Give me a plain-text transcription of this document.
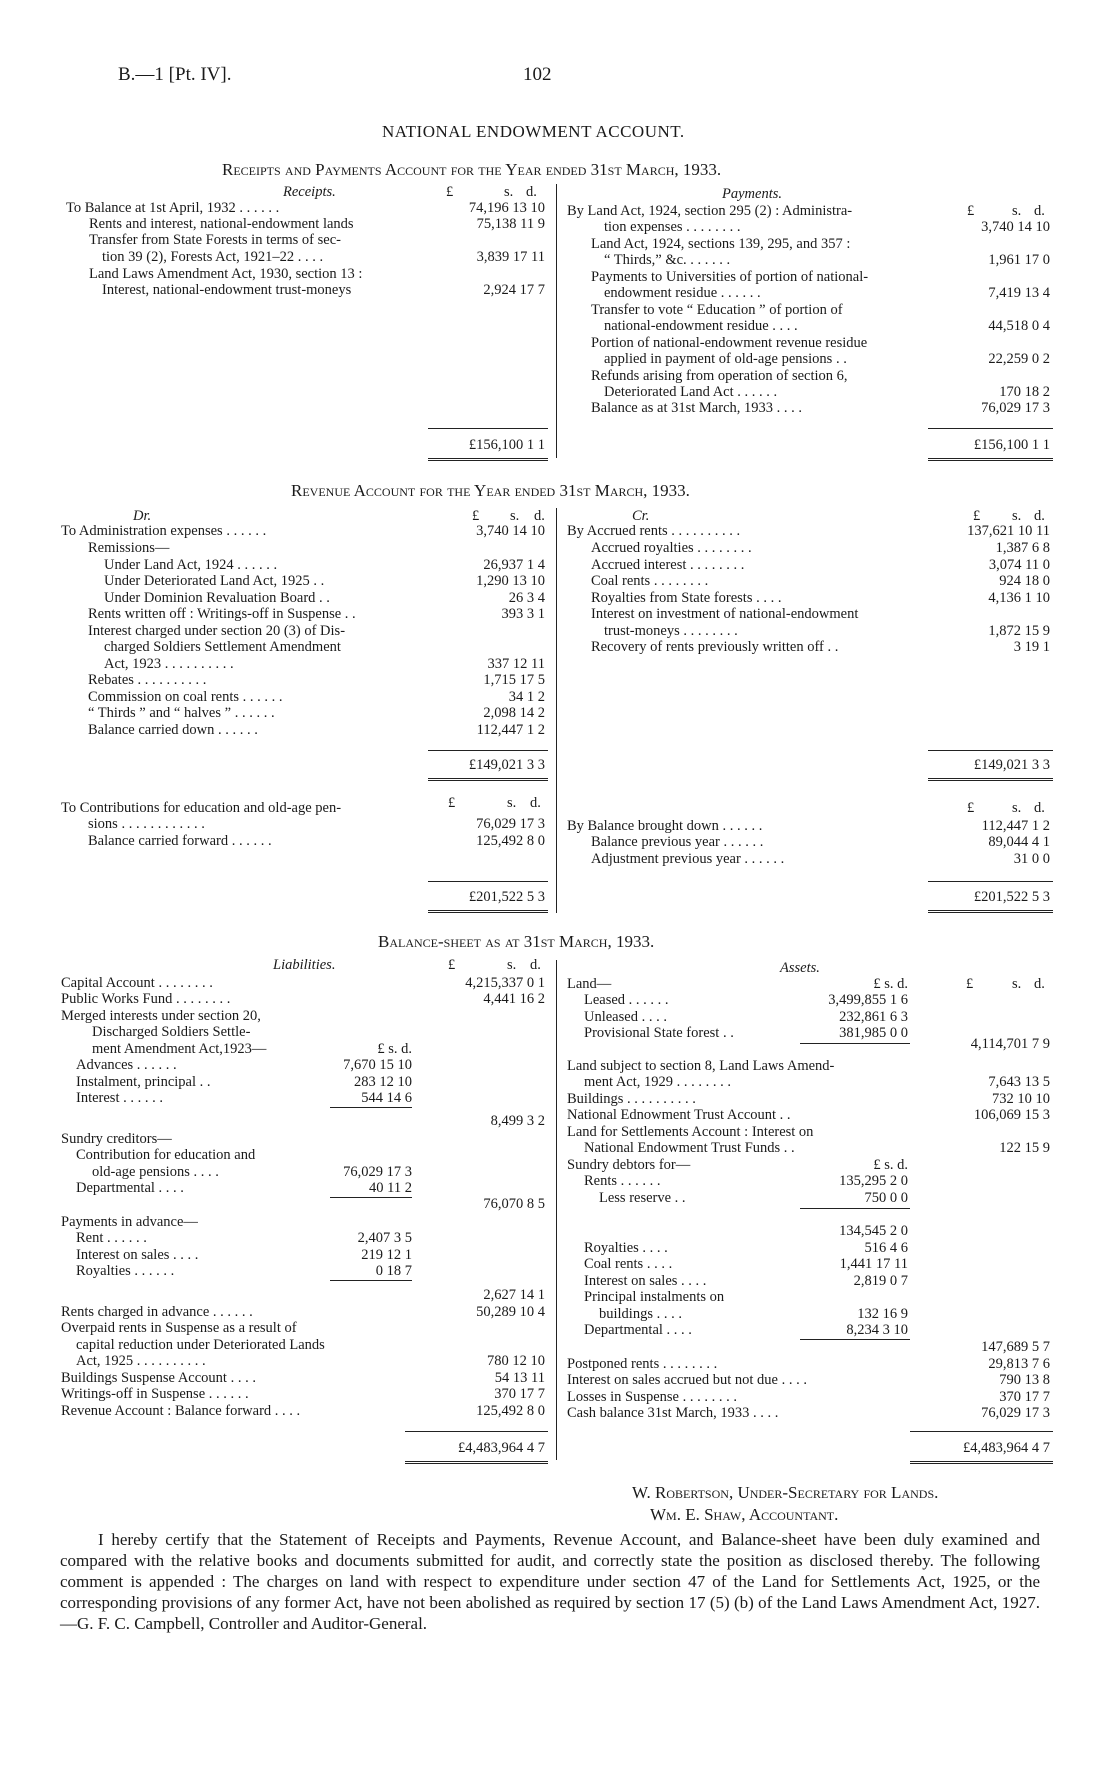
B.—1 [Pt. IV].	102
NATIONAL ENDOWMENT ACCOUNT.
Receipts and Payments Account for the Year ended 31st March, 1933.
Receipts.	Payments.
£	s. d.
£	s. d.
To Balance at 1st April, 1932 . . . . . .	74,196 13 10
Rents and interest, national-endowment lands	75,138 11 9
Transfer from State Forests in terms of sec-
tion 39 (2), Forests Act, 1921–22 . . . .	3,839 17 11
Land Laws Amendment Act, 1930, section 13 :
Interest, national-endowment trust-moneys	2,924 17 7
By Land Act, 1924, section 295 (2) : Administra-
tion expenses . . . . . . . .	3,740 14 10
Land Act, 1924, sections 139, 295, and 357 :
“ Thirds,” &c. . . . . . .	1,961 17 0
Payments to Universities of portion of national-
endowment residue . . . . . .	7,419 13 4
Transfer to vote “ Education ” of portion of
national-endowment residue . . . .	44,518 0 4
Portion of national-endowment revenue residue
applied in payment of old-age pensions . .	22,259 0 2
Refunds arising from operation of section 6,
Deteriorated Land Act . . . . . .	170 18 2
Balance as at 31st March, 1933 . . . .	76,029 17 3
£156,100 1 1	£156,100 1 1
Revenue Account for the Year ended 31st March, 1933.
Dr.	Cr.
£ s. d.	£ s. d.
To Administration expenses . . . . . .	3,740 14 10
Remissions—
Under Land Act, 1924 . . . . . .	26,937 1 4
Under Deteriorated Land Act, 1925 . .	1,290 13 10
Under Dominion Revaluation Board . .	26 3 4
Rents written off : Writings-off in Suspense . .	393 3 1
Interest charged under section 20 (3) of Dis-
charged Soldiers Settlement Amendment
Act, 1923 . . . . . . . . . .	337 12 11
Rebates . . . . . . . . . .	1,715 17 5
Commission on coal rents . . . . . .	34 1 2
“ Thirds ” and “ halves ” . . . . . .	2,098 14 2
Balance carried down . . . . . .	112,447 1 2
By Accrued rents . . . . . . . . . .	137,621 10 11
Accrued royalties . . . . . . . .	1,387 6 8
Accrued interest . . . . . . . .	3,074 11 0
Coal rents . . . . . . . .	924 18 0
Royalties from State forests . . . .	4,136 1 10
Interest on investment of national-endowment
trust-moneys . . . . . . . .	1,872 15 9
Recovery of rents previously written off . .	3 19 1
£149,021 3 3	£149,021 3 3
£	s. d.	£	s. d.
To Contributions for education and old-age pen-
sions . . . . . . . . . . . .	76,029 17 3
Balance carried forward . . . . . .	125,492 8 0
By Balance brought down . . . . . .	112,447 1 2
Balance previous year . . . . . .	89,044 4 1
Adjustment previous year . . . . . .	31 0 0
£201,522 5 3	£201,522 5 3
Balance-sheet as at 31st March, 1933.
Liabilities.	Assets.
£	s. d.
£	s. d.
Capital Account . . . . . . . .	4,215,337 0 1
Public Works Fund . . . . . . . .	4,441 16 2
Merged interests under section 20,
Discharged Soldiers Settle-
ment Amendment Act,1923—	£ s. d.
Advances . . . . . .	7,670 15 10
Instalment, principal . .	283 12 10
Interest . . . . . .	544 14 6
8,499 3 2
Sundry creditors—
Contribution for education and
old-age pensions . . . .	76,029 17 3
Departmental . . . .	40 11 2
76,070 8 5
Payments in advance—
Rent . . . . . .	2,407 3 5
Interest on sales . . . .	219 12 1
Royalties . . . . . .	0 18 7
2,627 14 1
Rents charged in advance . . . . . .	50,289 10 4
Overpaid rents in Suspense as a result of
capital reduction under Deteriorated Lands
Act, 1925 . . . . . . . . . .	780 12 10
Buildings Suspense Account . . . .	54 13 11
Writings-off in Suspense . . . . . .	370 17 7
Revenue Account : Balance forward . . . .	125,492 8 0
Land—	£ s. d.
Leased . . . . . .	3,499,855 1 6
Unleased . . . .	232,861 6 3
Provisional State forest . .	381,985 0 0
4,114,701 7 9
Land subject to section 8, Land Laws Amend-
ment Act, 1929 . . . . . . . .	7,643 13 5
Buildings . . . . . . . . . .	732 10 10
National Ednowment Trust Account . .	106,069 15 3
Land for Settlements Account : Interest on
National Endowment Trust Funds . .	122 15 9
Sundry debtors for—	£ s. d.
Rents . . . . . .	135,295 2 0
Less reserve . .	750 0 0
134,545 2 0
Royalties . . . .	516 4 6
Coal rents . . . .	1,441 17 11
Interest on sales . . . .	2,819 0 7
Principal instalments on
buildings . . . .	132 16 9
Departmental . . . .	8,234 3 10
147,689 5 7
Postponed rents . . . . . . . .	29,813 7 6
Interest on sales accrued but not due . . . .	790 13 8
Losses in Suspense . . . . . . . .	370 17 7
Cash balance 31st March, 1933 . . . .	76,029 17 3
£4,483,964 4 7	£4,483,964 4 7
W. Robertson, Under-Secretary for Lands.
Wm. E. Shaw, Accountant.
I hereby certify that the Statement of Receipts and Payments, Revenue Account, and Balance-sheet have been duly examined and compared with the relative books and documents submitted for audit, and correctly state the position as disclosed thereby. The following comment is appended : The charges on land with respect to expenditure under section 47 of the Land for Settlements Act, 1925, or the corresponding provisions of any former Act, have not been abolished as required by section 17 (5) (b) of the Land Laws Amendment Act, 1927.—G. F. C. Campbell, Controller and Auditor-General.
